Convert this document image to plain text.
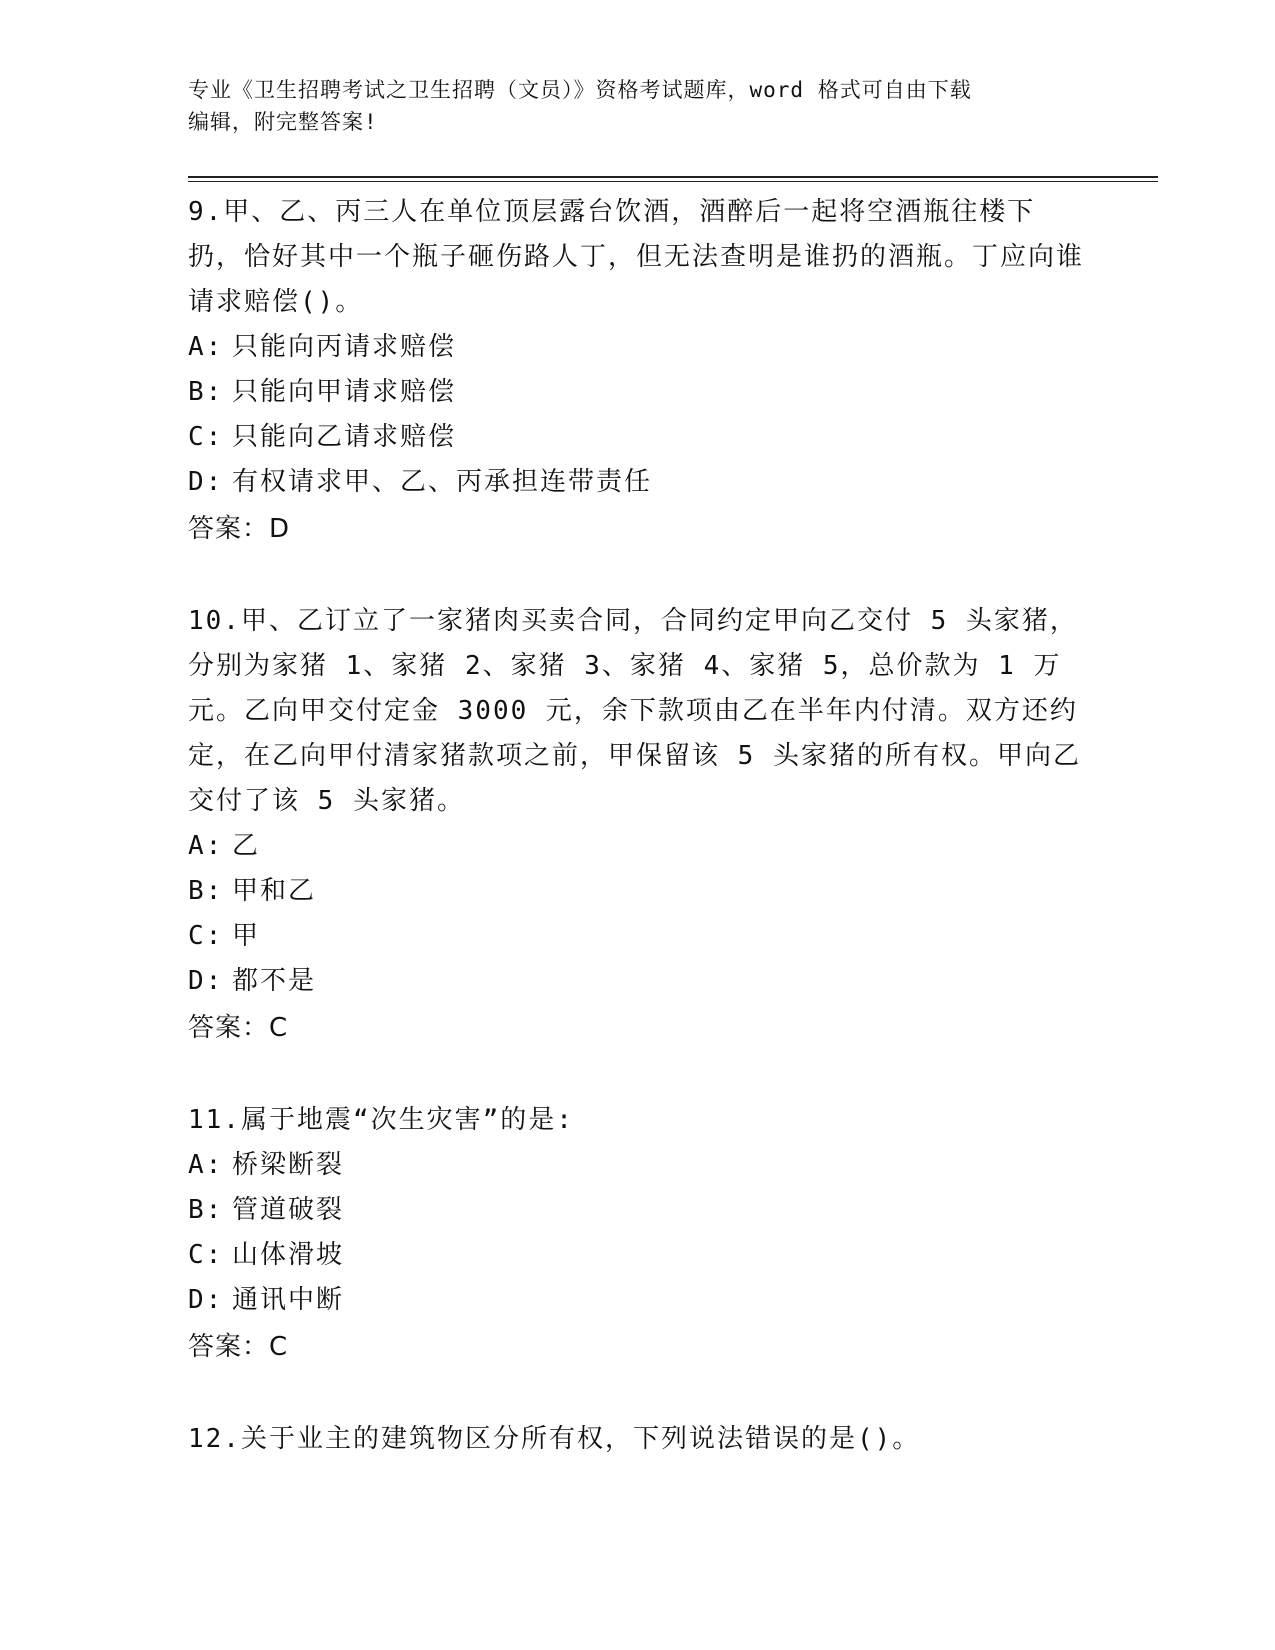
专业《卫生招聘考试之卫生招聘（文员）》资格考试题库，word 格式可自由下载
编辑，附完整答案!

9.甲、乙、丙三人在单位顶层露台饮酒，酒醉后一起将空酒瓶往楼下扔，恰好其中一个瓶子砸伤路人丁，但无法查明是谁扔的酒瓶。丁应向谁请求赔偿()。

A: 只能向丙请求赔偿

B: 只能向甲请求赔偿

C: 只能向乙请求赔偿

D: 有权请求甲、乙、丙承担连带责任

答案：D

10.甲、乙订立了一家猪肉买卖合同，合同约定甲向乙交付 5 头家猪，分别为家猪 1、家猪 2、家猪 3、家猪 4、家猪 5，总价款为 1 万元。乙向甲交付定金 3000 元，余下款项由乙在半年内付清。双方还约定，在乙向甲付清家猪款项之前，甲保留该 5 头家猪的所有权。甲向乙交付了该 5 头家猪。

A: 乙

B: 甲和乙

C: 甲

D: 都不是

答案：C

11.属于地震“次生灾害”的是:

A: 桥梁断裂

B: 管道破裂

C: 山体滑坡

D: 通讯中断

答案：C

12.关于业主的建筑物区分所有权，下列说法错误的是()。
